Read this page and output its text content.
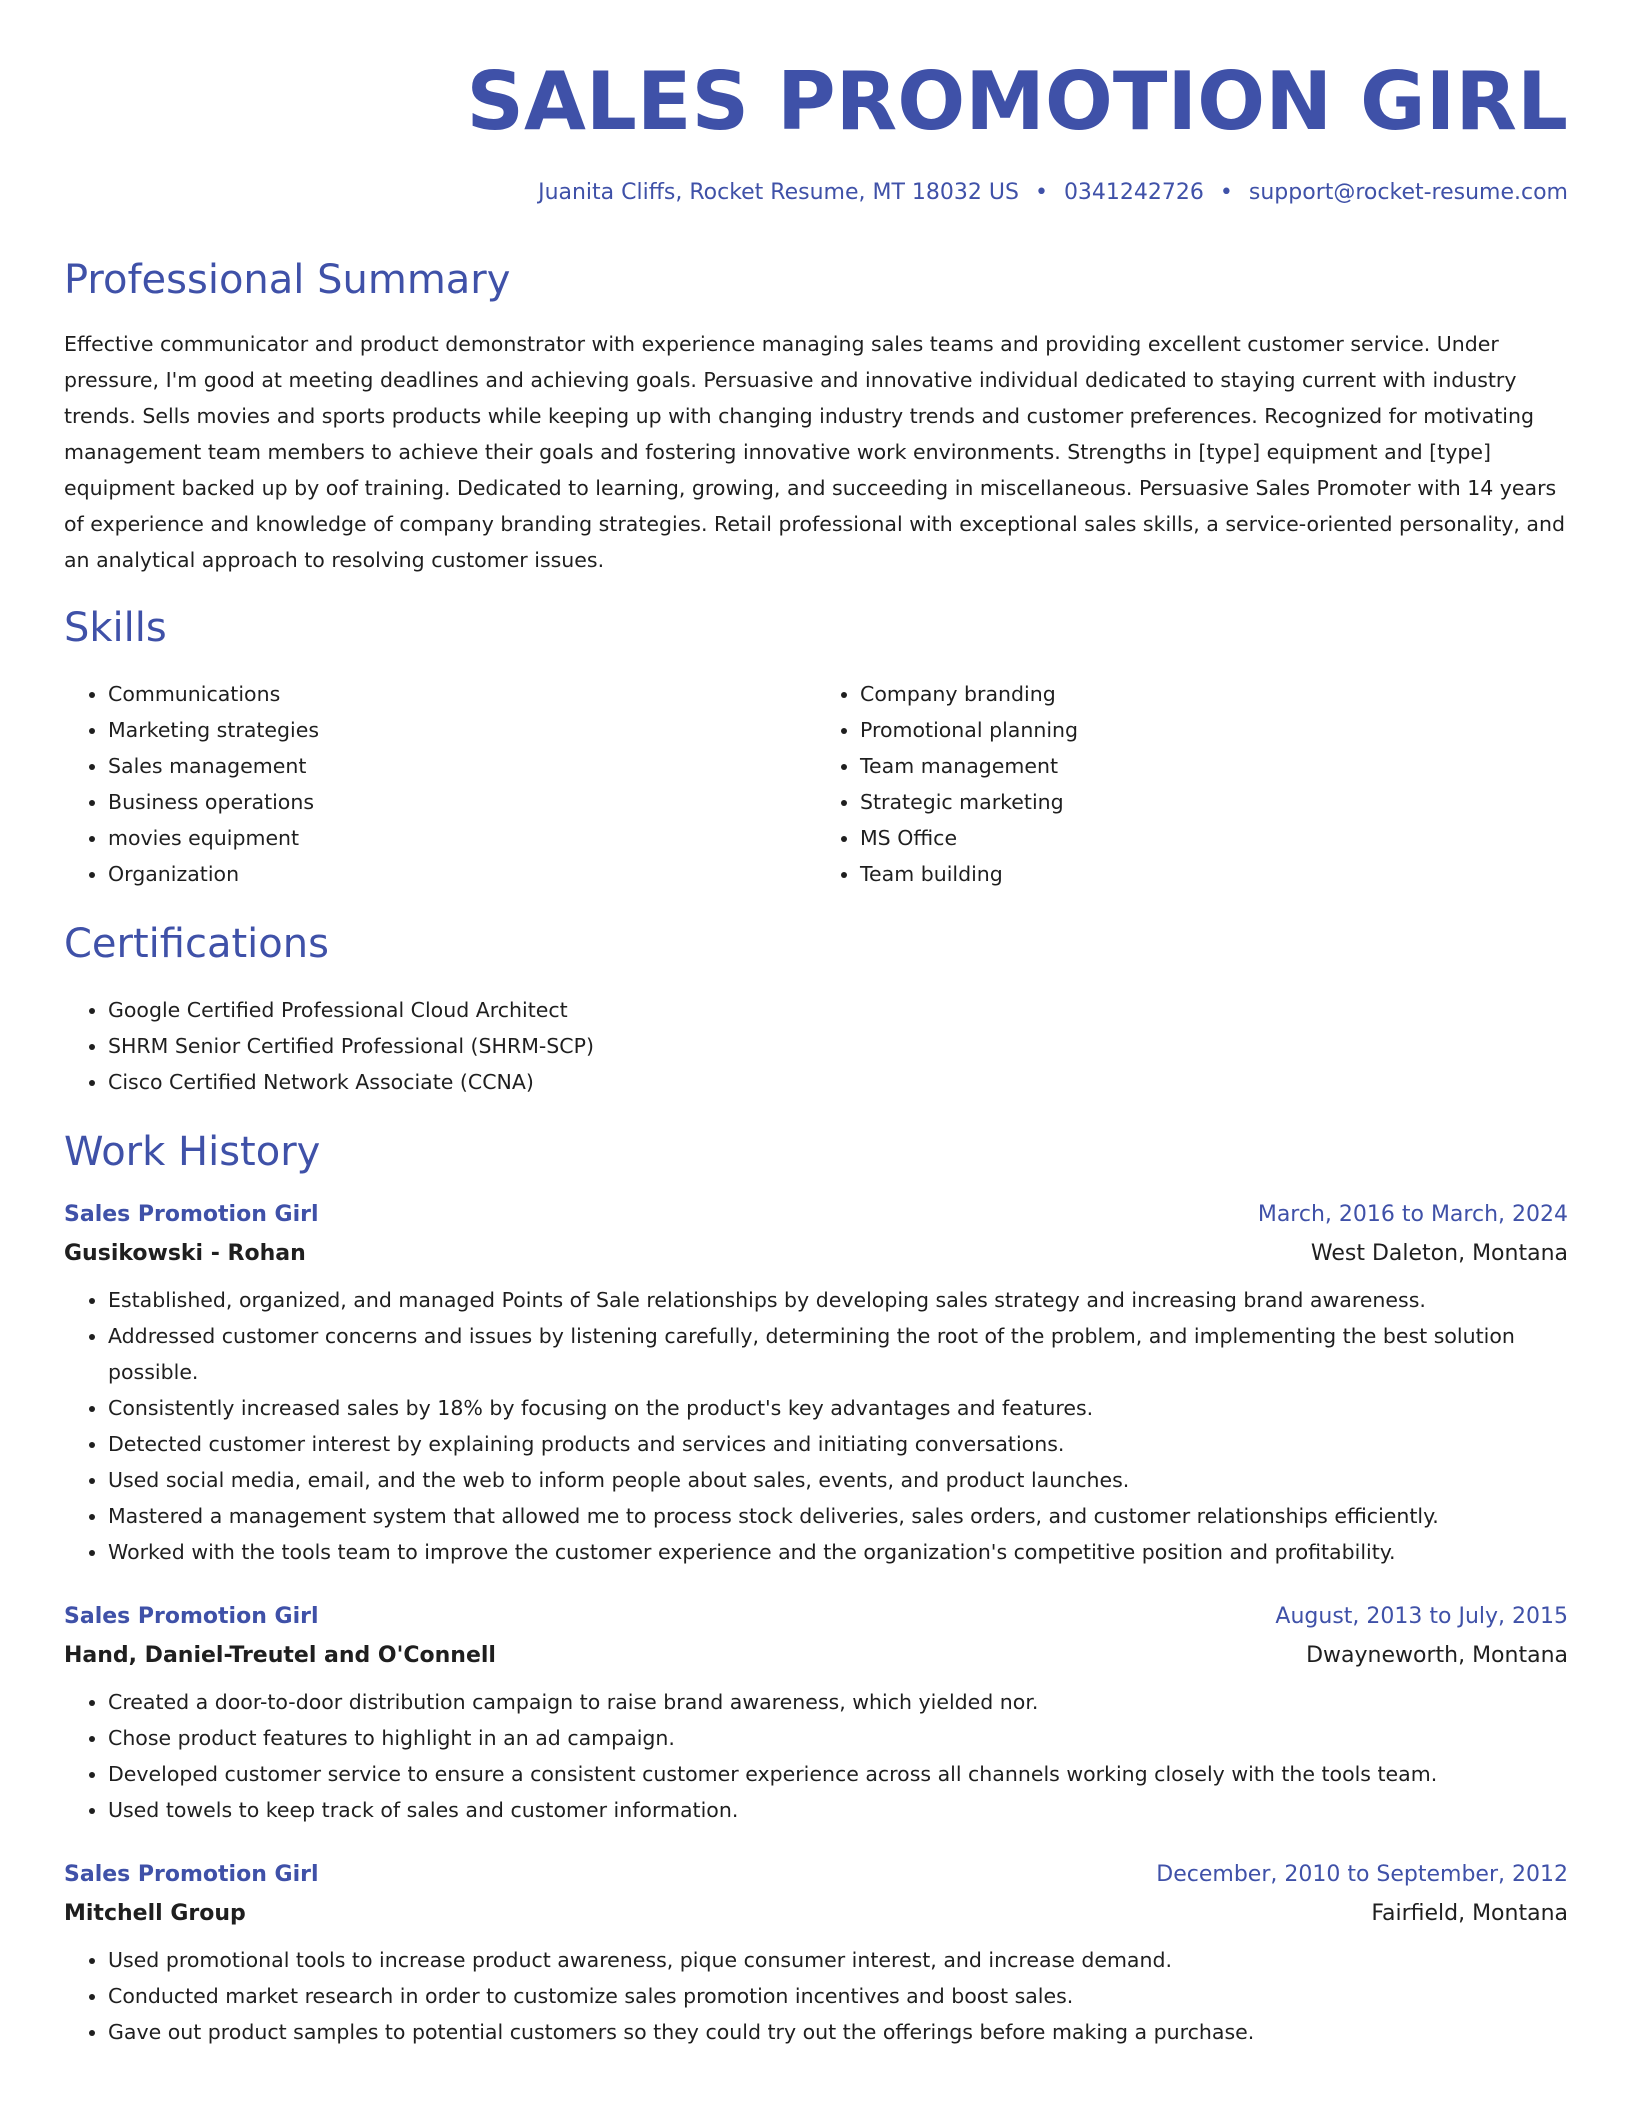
SALES PROMOTION GIRL
Juanita Cliffs, Rocket Resume, MT 18032 US • 0341242726 • support@rocket-resume.com
Professional Summary
Effective communicator and product demonstrator with experience managing sales teams and providing excellent customer service. Under pressure, I'm good at meeting deadlines and achieving goals. Persuasive and innovative individual dedicated to staying current with industry trends. Sells movies and sports products while keeping up with changing industry trends and customer preferences. Recognized for motivating management team members to achieve their goals and fostering innovative work environments. Strengths in [type] equipment and [type] equipment backed up by oof training. Dedicated to learning, growing, and succeeding in miscellaneous. Persuasive Sales Promoter with 14 years of experience and knowledge of company branding strategies. Retail professional with exceptional sales skills, a service-oriented personality, and an analytical approach to resolving customer issues.
Skills
• Communications
• Marketing strategies
• Sales management
• Business operations
• movies equipment
• Organization
• Company branding
• Promotional planning
• Team management
• Strategic marketing
• MS Office
• Team building
Certifications
• Google Certified Professional Cloud Architect
• SHRM Senior Certified Professional (SHRM-SCP)
• Cisco Certified Network Associate (CCNA)
Work History
Sales Promotion Girl	March, 2016 to March, 2024
Gusikowski - Rohan	West Daleton, Montana
• Established, organized, and managed Points of Sale relationships by developing sales strategy and increasing brand awareness.
• Addressed customer concerns and issues by listening carefully, determining the root of the problem, and implementing the best solution possible.
• Consistently increased sales by 18% by focusing on the product's key advantages and features.
• Detected customer interest by explaining products and services and initiating conversations.
• Used social media, email, and the web to inform people about sales, events, and product launches.
• Mastered a management system that allowed me to process stock deliveries, sales orders, and customer relationships efficiently.
• Worked with the tools team to improve the customer experience and the organization's competitive position and profitability.
Sales Promotion Girl	August, 2013 to July, 2015
Hand, Daniel-Treutel and O'Connell	Dwayneworth, Montana
• Created a door-to-door distribution campaign to raise brand awareness, which yielded nor.
• Chose product features to highlight in an ad campaign.
• Developed customer service to ensure a consistent customer experience across all channels working closely with the tools team.
• Used towels to keep track of sales and customer information.
Sales Promotion Girl	December, 2010 to September, 2012
Mitchell Group	Fairfield, Montana
• Used promotional tools to increase product awareness, pique consumer interest, and increase demand.
• Conducted market research in order to customize sales promotion incentives and boost sales.
• Gave out product samples to potential customers so they could try out the offerings before making a purchase.
